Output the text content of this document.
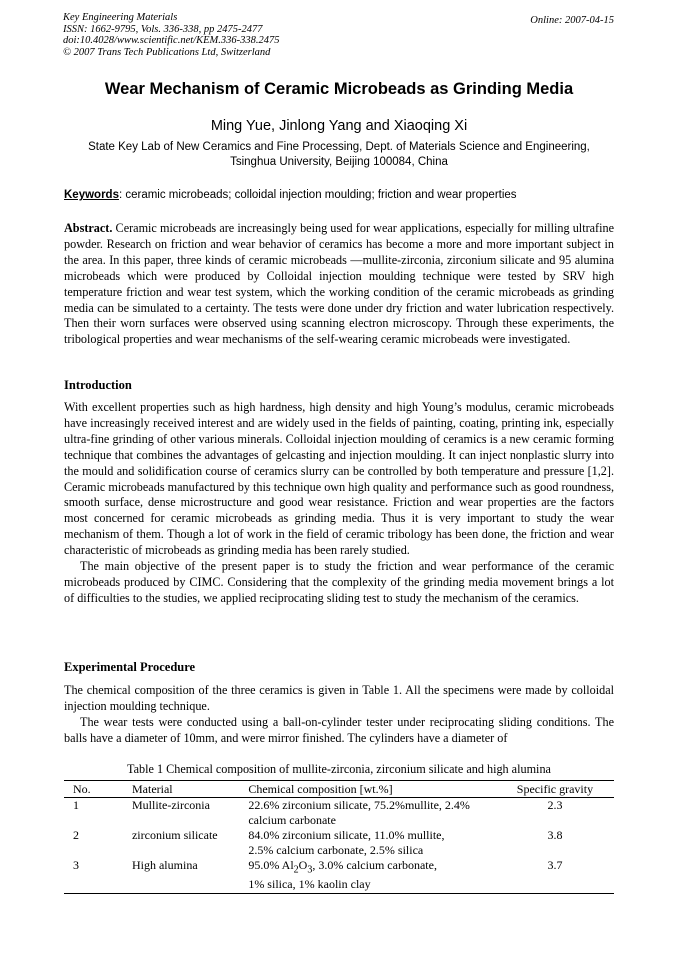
Key Engineering Materials
ISSN: 1662-9795, Vols. 336-338, pp 2475-2477
doi:10.4028/www.scientific.net/KEM.336-338.2475
© 2007 Trans Tech Publications Ltd, Switzerland
Online: 2007-04-15
Wear Mechanism of Ceramic Microbeads as Grinding Media
Ming Yue, Jinlong Yang and Xiaoqing Xi
State Key Lab of New Ceramics and Fine Processing, Dept. of Materials Science and Engineering,
Tsinghua University, Beijing 100084, China
Keywords: ceramic microbeads; colloidal injection moulding; friction and wear properties
Abstract. Ceramic microbeads are increasingly being used for wear applications, especially for milling ultrafine powder. Research on friction and wear behavior of ceramics has become a more and more important subject in the area. In this paper, three kinds of ceramic microbeads —mullite-zirconia, zirconium silicate and 95 alumina microbeads which were produced by Colloidal injection moulding technique were tested by SRV high temperature friction and wear test system, which the working condition of the ceramic microbeads as grinding media can be simulated to a certainty. The tests were done under dry friction and water lubrication respectively. Then their worn surfaces were observed using scanning electron microscopy. Through these experiments, the tribological properties and wear mechanisms of the self-wearing ceramic microbeads were investigated.
Introduction

With excellent properties such as high hardness, high density and high Young’s modulus, ceramic microbeads have increasingly received interest and are widely used in the fields of painting, coating, printing ink, especially ultra-fine grinding of other various minerals. Colloidal injection moulding of ceramics is a new ceramic forming technique that combines the advantages of gelcasting and injection moulding. It can inject nonplastic slurry into the mould and solidification course of ceramics slurry can be controlled by both temperature and pressure [1,2]. Ceramic microbeads manufactured by this technique own high quality and performance such as good roundness, smooth surface, dense microstructure and good wear resistance. Friction and wear properties are the factors most concerned for ceramic microbeads as grinding media. Thus it is very important to study the wear mechanism of them. Though a lot of work in the field of ceramic tribology has been done, the friction and wear characteristic of microbeads as grinding media has been rarely studied.

The main objective of the present paper is to study the friction and wear performance of the ceramic microbeads produced by CIMC. Considering that the complexity of the grinding media movement brings a lot of difficulties to the studies, we applied reciprocating sliding test to study the mechanism of the ceramics.

Experimental Procedure

The chemical composition of the three ceramics is given in Table 1. All the specimens were made by colloidal injection moulding technique.

The wear tests were conducted using a ball-on-cylinder tester under reciprocating sliding conditions. The balls have a diameter of 10mm, and were mirror finished. The cylinders have a diameter of

Table 1 Chemical composition of mullite-zirconia, zirconium silicate and high alumina
No.	Material	Chemical composition [wt.%]	Specific gravity
1	Mullite-zirconia	22.6% zirconium silicate, 75.2%mullite, 2.4%
calcium carbonate	2.3
2	zirconium silicate	84.0% zirconium silicate, 11.0% mullite,
2.5% calcium carbonate, 2.5% silica	3.8
3	High alumina	95.0% $Al_2O_3$, 3.0% calcium carbonate,
1% silica, 1% kaolin clay	3.7
